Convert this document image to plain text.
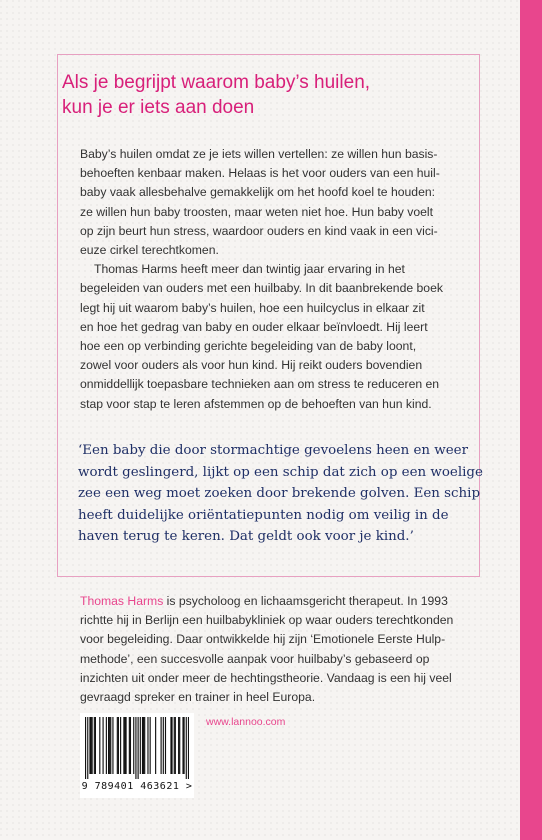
Als je begrijpt waarom baby’s huilen,
kun je er iets aan doen
Baby’s huilen omdat ze je iets willen vertellen: ze willen hun basis-
behoeften kenbaar maken. Helaas is het voor ouders van een huil-
baby vaak allesbehalve gemakkelijk om het hoofd koel te houden:
ze willen hun baby troosten, maar weten niet hoe. Hun baby voelt
op zijn beurt hun stress, waardoor ouders en kind vaak in een vici-
euze cirkel terechtkomen.
Thomas Harms heeft meer dan twintig jaar ervaring in het
begeleiden van ouders met een huilbaby. In dit baanbrekende boek
legt hij uit waarom baby’s huilen, hoe een huilcyclus in elkaar zit
en hoe het gedrag van baby en ouder elkaar beïnvloedt. Hij leert
hoe een op verbinding gerichte begeleiding van de baby loont,
zowel voor ouders als voor hun kind. Hij reikt ouders bovendien
onmiddellijk toepasbare technieken aan om stress te reduceren en
stap voor stap te leren afstemmen op de behoeften van hun kind.
‘Een baby die door stormachtige gevoelens heen en weer
wordt geslingerd, lijkt op een schip dat zich op een woelige
zee een weg moet zoeken door brekende golven. Een schip
heeft duidelijke oriëntatiepunten nodig om veilig in de
haven terug te keren. Dat geldt ook voor je kind.’
Thomas Harms is psycholoog en lichaamsgericht therapeut. In 1993
richtte hij in Berlijn een huilbabykliniek op waar ouders terechtkonden
voor begeleiding. Daar ontwikkelde hij zijn ‘Emotionele Eerste Hulp-
methode’, een succesvolle aanpak voor huilbaby’s gebaseerd op
inzichten uit onder meer de hechtingstheorie. Vandaag is een hij veel
gevraagd spreker en trainer in heel Europa.
9 789401 463621 >
www.lannoo.com
